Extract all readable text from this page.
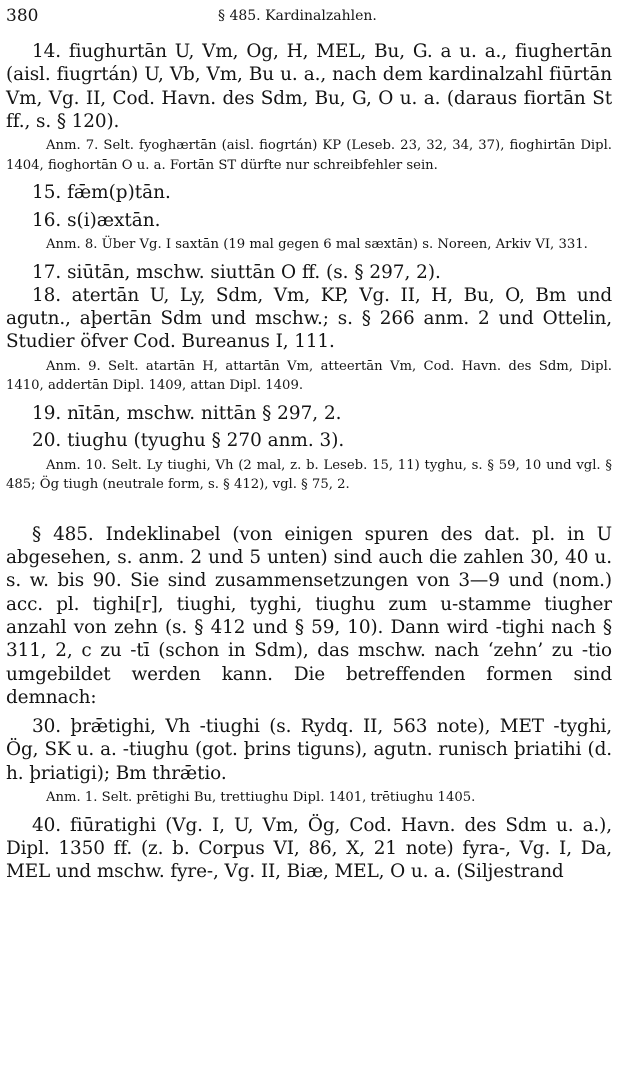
380	§ 485. Kardinalzahlen.

14. fiughurtān U, Vm, Og, H, MEL, Bu, G. a u. a., fiughertān (aisl. fiugrtán) U, Vb, Vm, Bu u. a., nach dem kardinalzahl fiūrtān Vm, Vg. II, Cod. Havn. des Sdm, Bu, G, O u. a. (daraus fiortān St ff., s. § 120).

Anm. 7. Selt. fyoghærtān (aisl. fiogrtán) KP (Leseb. 23, 32, 34, 37), fioghirtān Dipl. 1404, fioghortān O u. a. Fortān ST dürfte nur schreibfehler sein.

15. fǣm(p)tān.

16. s(i)æxtān.

Anm. 8. Über Vg. I saxtān (19 mal gegen 6 mal sæxtān) s. Noreen, Arkiv VI, 331.

17. siūtān, mschw. siuttān O ff. (s. § 297, 2).

18. atertān U, Ly, Sdm, Vm, KP, Vg. II, H, Bu, O, Bm und agutn., aþertān Sdm und mschw.; s. § 266 anm. 2 und Ottelin, Studier öfver Cod. Bureanus I, 111.

Anm. 9. Selt. atartān H, attartān Vm, atteertān Vm, Cod. Havn. des Sdm, Dipl. 1410, addertān Dipl. 1409, attan Dipl. 1409.

19. nītān, mschw. nittān § 297, 2.

20. tiughu (tyughu § 270 anm. 3).

Anm. 10. Selt. Ly tiughi, Vh (2 mal, z. b. Leseb. 15, 11) tyghu, s. § 59, 10 und vgl. § 485; Ög tiugh (neutrale form, s. § 412), vgl. § 75, 2.

§ 485. Indeklinabel (von einigen spuren des dat. pl. in U abgesehen, s. anm. 2 und 5 unten) sind auch die zahlen 30, 40 u. s. w. bis 90. Sie sind zusammensetzungen von 3—9 und (nom.) acc. pl. tighi[r], tiughi, tyghi, tiughu zum u-stamme tiugher anzahl von zehn (s. § 412 und § 59, 10). Dann wird -tighi nach § 311, 2, c zu -tī (schon in Sdm), das mschw. nach ‘zehn’ zu -tio umgebildet werden kann. Die betreffenden formen sind demnach:

30. þrǣtighi, Vh -tiughi (s. Rydq. II, 563 note), MET -tyghi, Ög, SK u. a. -tiughu (got. þrins tiguns), agutn. runisch þriatihi (d. h. þriatigi); Bm thrǣtio.

Anm. 1. Selt. prētighi Bu, trettiughu Dipl. 1401, trētiughu 1405.

40. fiūratighi (Vg. I, U, Vm, Ög, Cod. Havn. des Sdm u. a.), Dipl. 1350 ff. (z. b. Corpus VI, 86, X, 21 note) fyra-, Vg. I, Da, MEL und mschw. fyre-, Vg. II, Biæ, MEL, O u. a. (Siljestrand
